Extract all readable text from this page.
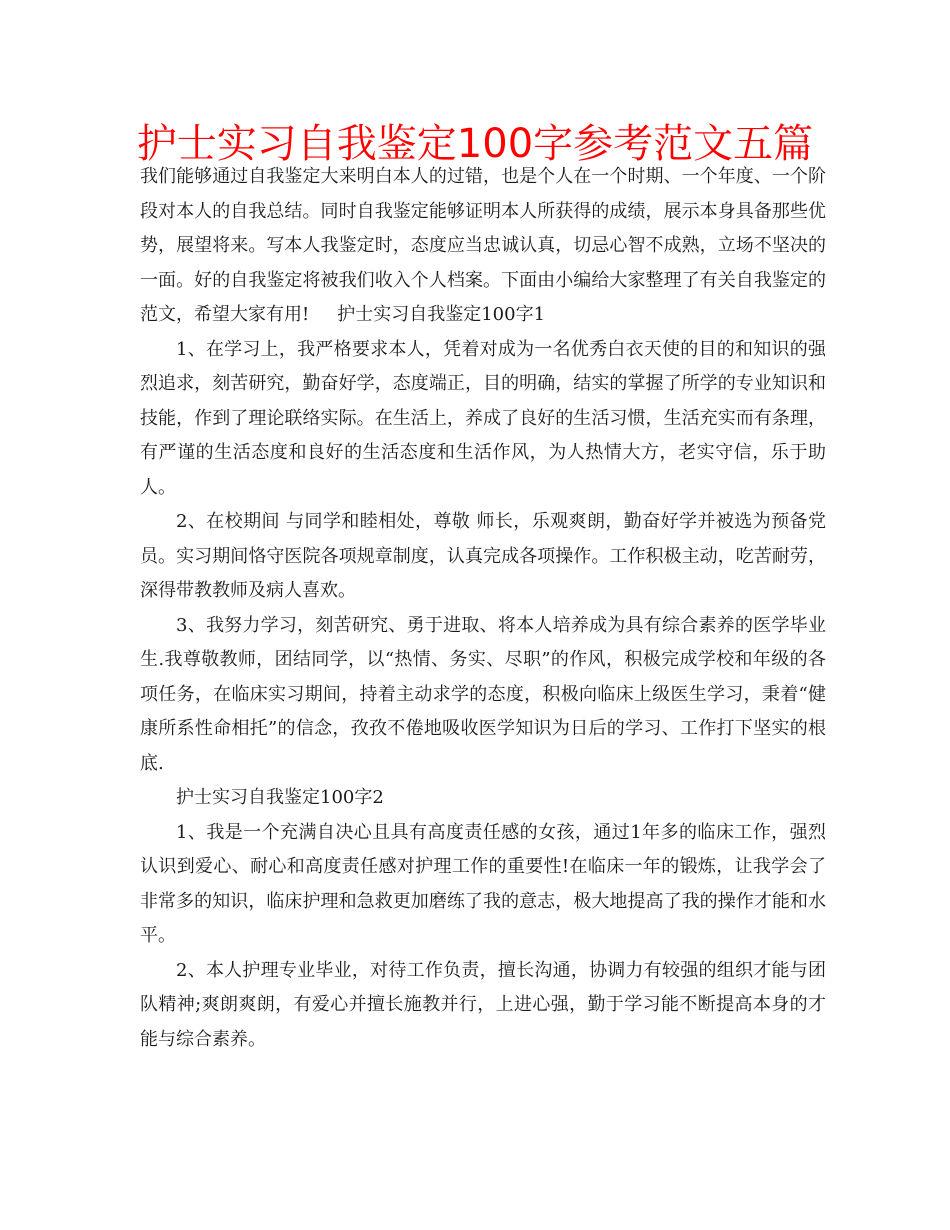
护士实习自我鉴定100字参考范文五篇

我们能够通过自我鉴定大来明白本人的过错，也是个人在一个时期、一个年度、一个阶段对本人的自我总结。同时自我鉴定能够证明本人所获得的成绩，展示本身具备那些优势，展望将来。写本人我鉴定时，态度应当忠诚认真，切忌心智不成熟，立场不坚决的一面。好的自我鉴定将被我们收入个人档案。下面由小编给大家整理了有关自我鉴定的范文，希望大家有用! 护士实习自我鉴定100字1

1、在学习上，我严格要求本人，凭着对成为一名优秀白衣天使的目的和知识的强烈追求，刻苦研究，勤奋好学，态度端正，目的明确，结实的掌握了所学的专业知识和技能，作到了理论联络实际。在生活上，养成了良好的生活习惯，生活充实而有条理，有严谨的生活态度和良好的生活态度和生活作风，为人热情大方，老实守信，乐于助人。

2、在校期间 与同学和睦相处，尊敬 师长，乐观爽朗，勤奋好学并被选为预备党员。实习期间恪守医院各项规章制度，认真完成各项操作。工作积极主动，吃苦耐劳，深得带教教师及病人喜欢。

3、我努力学习，刻苦研究、勇于进取、将本人培养成为具有综合素养的医学毕业生.我尊敬教师，团结同学，以“热情、务实、尽职”的作风，积极完成学校和年级的各项任务，在临床实习期间，持着主动求学的态度，积极向临床上级医生学习，秉着“健康所系性命相托”的信念，孜孜不倦地吸收医学知识为日后的学习、工作打下坚实的根底.

护士实习自我鉴定100字2

1、我是一个充满自决心且具有高度责任感的女孩，通过1年多的临床工作，强烈认识到爱心、耐心和高度责任感对护理工作的重要性!在临床一年的锻炼，让我学会了非常多的知识，临床护理和急救更加磨练了我的意志，极大地提高了我的操作才能和水平。

2、本人护理专业毕业，对待工作负责，擅长沟通，协调力有较强的组织才能与团队精神;爽朗爽朗，有爱心并擅长施教并行，上进心强，勤于学习能不断提高本身的才能与综合素养。
